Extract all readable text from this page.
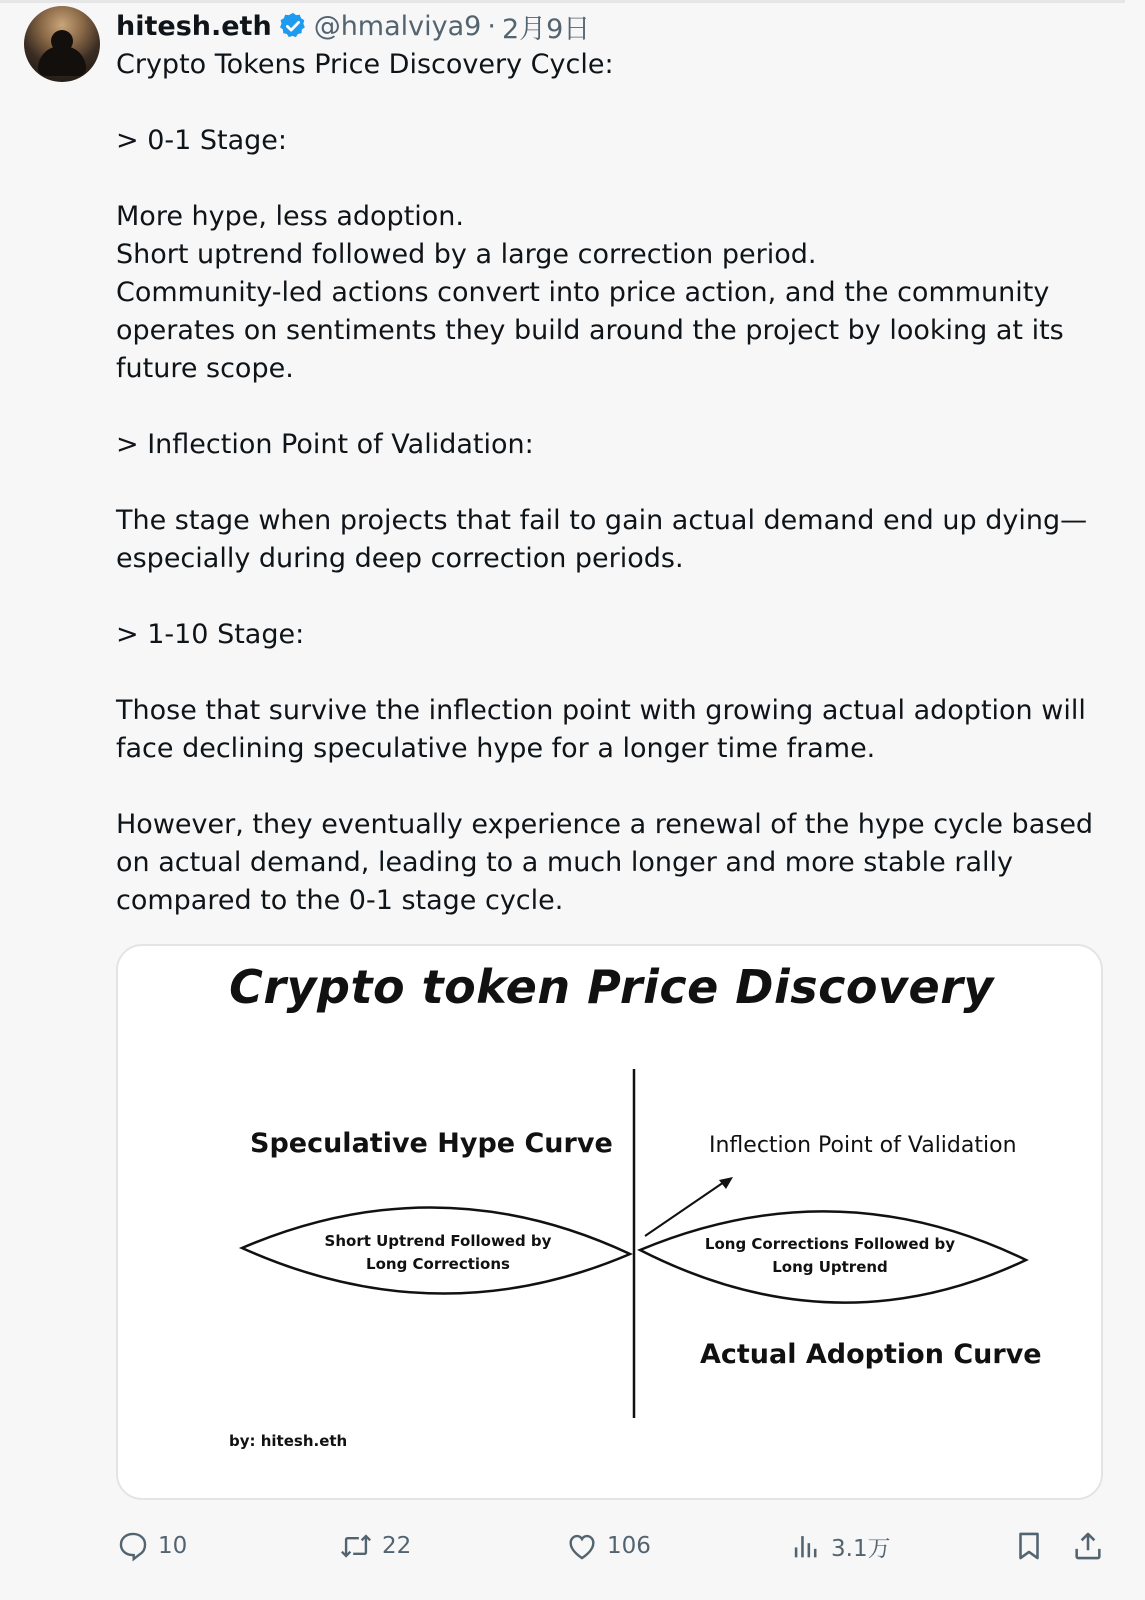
hitesh.eth @hmalviya9 · 2月9日

Crypto Tokens Price Discovery Cycle:

> 0-1 Stage:

More hype, less adoption.

Short uptrend followed by a large correction period.

Community-led actions convert into price action, and the community operates on sentiments they build around the project by looking at its future scope.

> Inflection Point of Validation:

The stage when projects that fail to gain actual demand end up dying—especially during deep correction periods.

> 1-10 Stage:

Those that survive the inflection point with growing actual adoption will face declining speculative hype for a longer time frame.

However, they eventually experience a renewal of the hype cycle based on actual demand, leading to a much longer and more stable rally compared to the 0-1 stage cycle.

Crypto token Price Discovery
Speculative Hype Curve	Inflection Point of Validation
Short Uptrend Followed by
Long Corrections
Long Corrections Followed by
Long Uptrend
Actual Adoption Curve
by: hitesh.eth
10	22	106	3.1万
